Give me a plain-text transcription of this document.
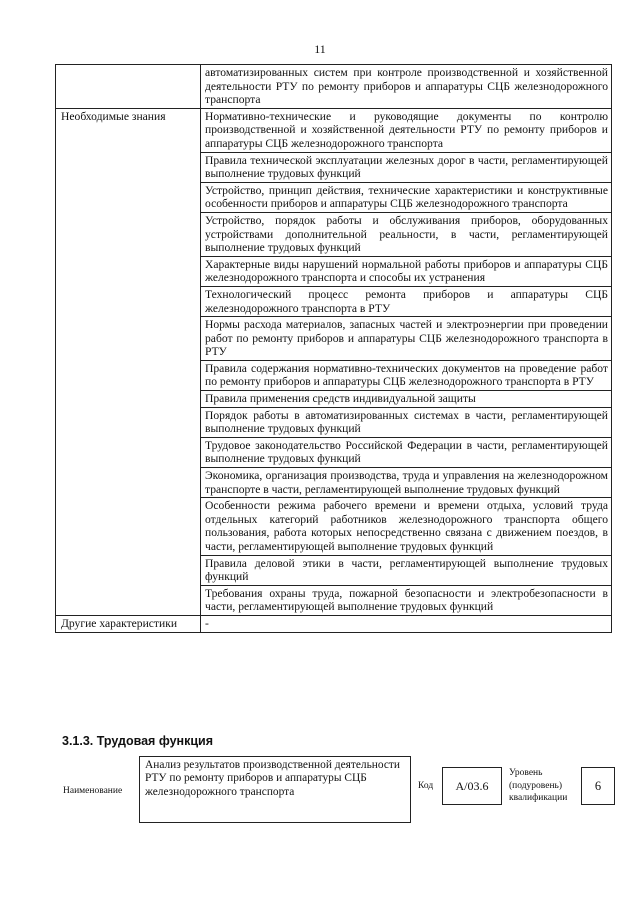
11
	автоматизированных систем при контроле производственной и хозяйственной деятельности РТУ по ремонту приборов и аппаратуры СЦБ железнодорожного транспорта
Необходимые знания	Нормативно-технические и руководящие документы по контролю производственной и хозяйственной деятельности РТУ по ремонту приборов и аппаратуры СЦБ железнодорожного транспорта
	Правила технической эксплуатации железных дорог в части, регламентирующей выполнение трудовых функций
	Устройство, принцип действия, технические характеристики и конструктивные особенности приборов и аппаратуры СЦБ железнодорожного транспорта
	Устройство, порядок работы и обслуживания приборов, оборудованных устройствами дополнительной реальности, в части, регламентирующей выполнение трудовых функций
	Характерные виды нарушений нормальной работы приборов и аппаратуры СЦБ железнодорожного транспорта и способы их устранения
	Технологический процесс ремонта приборов и аппаратуры СЦБ железнодорожного транспорта в РТУ
	Нормы расхода материалов, запасных частей и электроэнергии при проведении работ по ремонту приборов и аппаратуры СЦБ железнодорожного транспорта в РТУ
	Правила содержания нормативно-технических документов на проведение работ по ремонту приборов и аппаратуры СЦБ железнодорожного транспорта в РТУ
	Правила применения средств индивидуальной защиты
	Порядок работы в автоматизированных системах в части, регламентирующей выполнение трудовых функций
	Трудовое законодательство Российской Федерации в части, регламентирующей выполнение трудовых функций
	Экономика, организация производства, труда и управления на железнодорожном транспорте в части, регламентирующей выполнение трудовых функций
	Особенности режима рабочего времени и времени отдыха, условий труда отдельных категорий работников железнодорожного транспорта общего пользования, работа которых непосредственно связана с движением поездов, в части, регламентирующей выполнение трудовых функций
	Правила деловой этики в части, регламентирующей выполнение трудовых функций
	Требования охраны труда, пожарной безопасности и электробезопасности в части, регламентирующей выполнение трудовых функций
Другие характеристики	-
3.1.3. Трудовая функция
Наименование
Анализ результатов производственной деятельности РТУ по ремонту приборов и аппаратуры СЦБ железнодорожного транспорта	Код	A/03.6
Уровень (подуровень) квалификации
6
